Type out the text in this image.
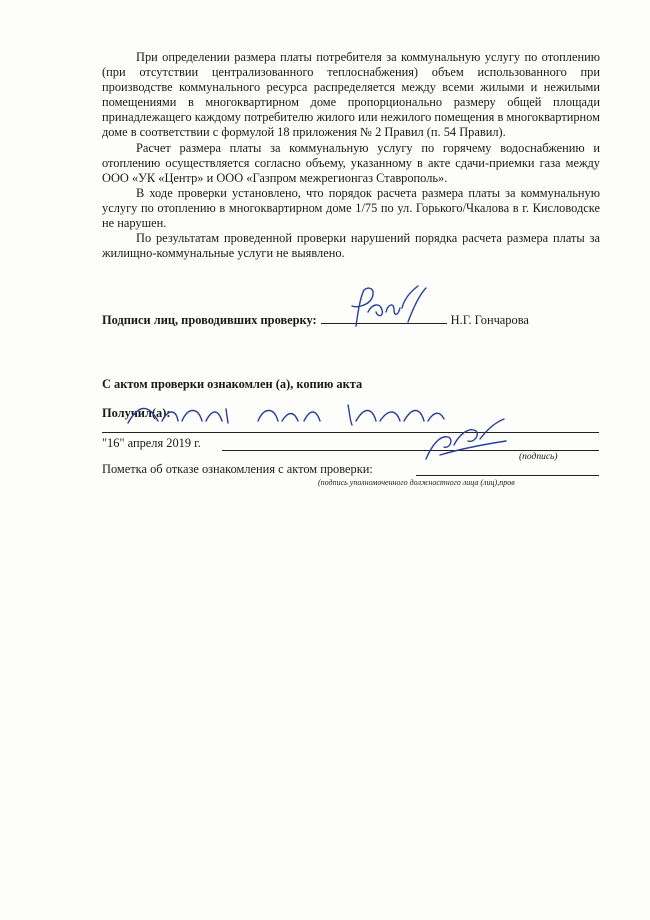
При определении размера платы потребителя за коммунальную услугу по отоплению (при отсутствии централизованного теплоснабжения) объем использованного при производстве коммунального ресурса распределяется между всеми жилыми и нежилыми помещениями в многоквартирном доме пропорционально размеру общей площади принадлежащего каждому потребителю жилого или нежилого помещения в многоквартирном доме в соответствии с формулой 18 приложения № 2 Правил (п. 54 Правил).

Расчет размера платы за коммунальную услугу по горячему водоснабжению и отоплению осуществляется согласно объему, указанному в акте сдачи-приемки газа между ООО «УК «Центр» и ООО «Газпром межрегионгаз Ставрополь».

В ходе проверки установлено, что порядок расчета размера платы за коммунальную услугу по отоплению в многоквартирном доме 1/75 по ул. Горького/Чкалова в г. Кисловодске не нарушен.

По результатам проведенной проверки нарушений порядка расчета размера платы за жилищно-коммунальные услуги не выявлено.

Подписи лиц, проводивших проверку:	Н.Г. Гончарова
С актом проверки ознакомлен (а), копию акта
Получил(а):
"16" апреля 2019 г.
(подпись)
Пометка об отказе ознакомления с актом проверки:
(подпись уполномоченного должностного лица (лиц),пров
